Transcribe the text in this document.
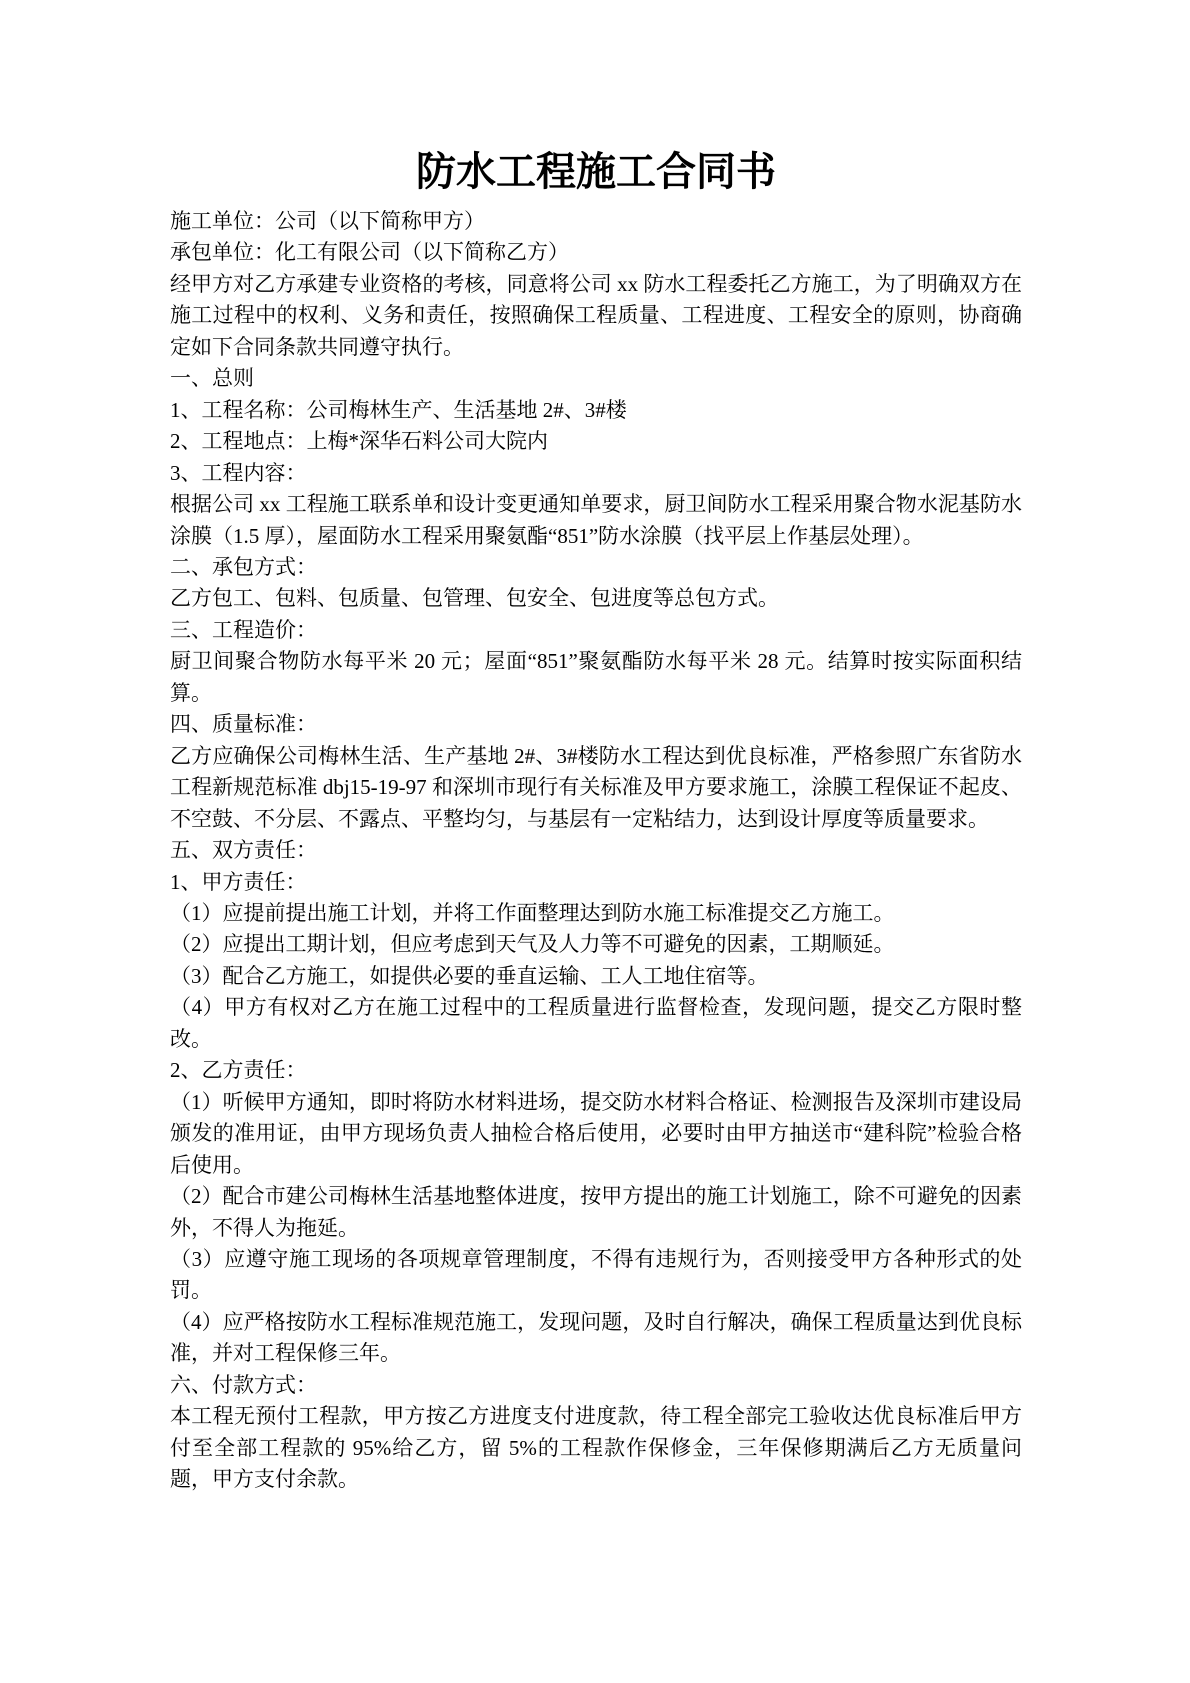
防水工程施工合同书

施工单位：公司（以下简称甲方）

承包单位：化工有限公司（以下简称乙方）

经甲方对乙方承建专业资格的考核，同意将公司 xx 防水工程委托乙方施工，为了明确双方在施工过程中的权利、义务和责任，按照确保工程质量、工程进度、工程安全的原则，协商确定如下合同条款共同遵守执行。

一、总则

1、工程名称：公司梅林生产、生活基地 2#、3#楼

2、工程地点：上梅*深华石料公司大院内

3、工程内容：

根据公司 xx 工程施工联系单和设计变更通知单要求，厨卫间防水工程采用聚合物水泥基防水涂膜（1.5 厚），屋面防水工程采用聚氨酯“851”防水涂膜（找平层上作基层处理）。

二、承包方式：

乙方包工、包料、包质量、包管理、包安全、包进度等总包方式。

三、工程造价：

厨卫间聚合物防水每平米 20 元；屋面“851”聚氨酯防水每平米 28 元。结算时按实际面积结算。

四、质量标准：

乙方应确保公司梅林生活、生产基地 2#、3#楼防水工程达到优良标准，严格参照广东省防水工程新规范标准 dbj15-19-97 和深圳市现行有关标准及甲方要求施工，涂膜工程保证不起皮、不空鼓、不分层、不露点、平整均匀，与基层有一定粘结力，达到设计厚度等质量要求。

五、双方责任：

1、甲方责任：

（1）应提前提出施工计划，并将工作面整理达到防水施工标准提交乙方施工。

（2）应提出工期计划，但应考虑到天气及人力等不可避免的因素，工期顺延。

（3）配合乙方施工，如提供必要的垂直运输、工人工地住宿等。

（4）甲方有权对乙方在施工过程中的工程质量进行监督检查，发现问题，提交乙方限时整改。

2、乙方责任：

（1）听候甲方通知，即时将防水材料进场，提交防水材料合格证、检测报告及深圳市建设局颁发的准用证，由甲方现场负责人抽检合格后使用，必要时由甲方抽送市“建科院”检验合格后使用。

（2）配合市建公司梅林生活基地整体进度，按甲方提出的施工计划施工，除不可避免的因素外，不得人为拖延。

（3）应遵守施工现场的各项规章管理制度，不得有违规行为，否则接受甲方各种形式的处罚。

（4）应严格按防水工程标准规范施工，发现问题，及时自行解决，确保工程质量达到优良标准，并对工程保修三年。

六、付款方式：

本工程无预付工程款，甲方按乙方进度支付进度款，待工程全部完工验收达优良标准后甲方付至全部工程款的 95%给乙方，留 5%的工程款作保修金，三年保修期满后乙方无质量问题，甲方支付余款。
